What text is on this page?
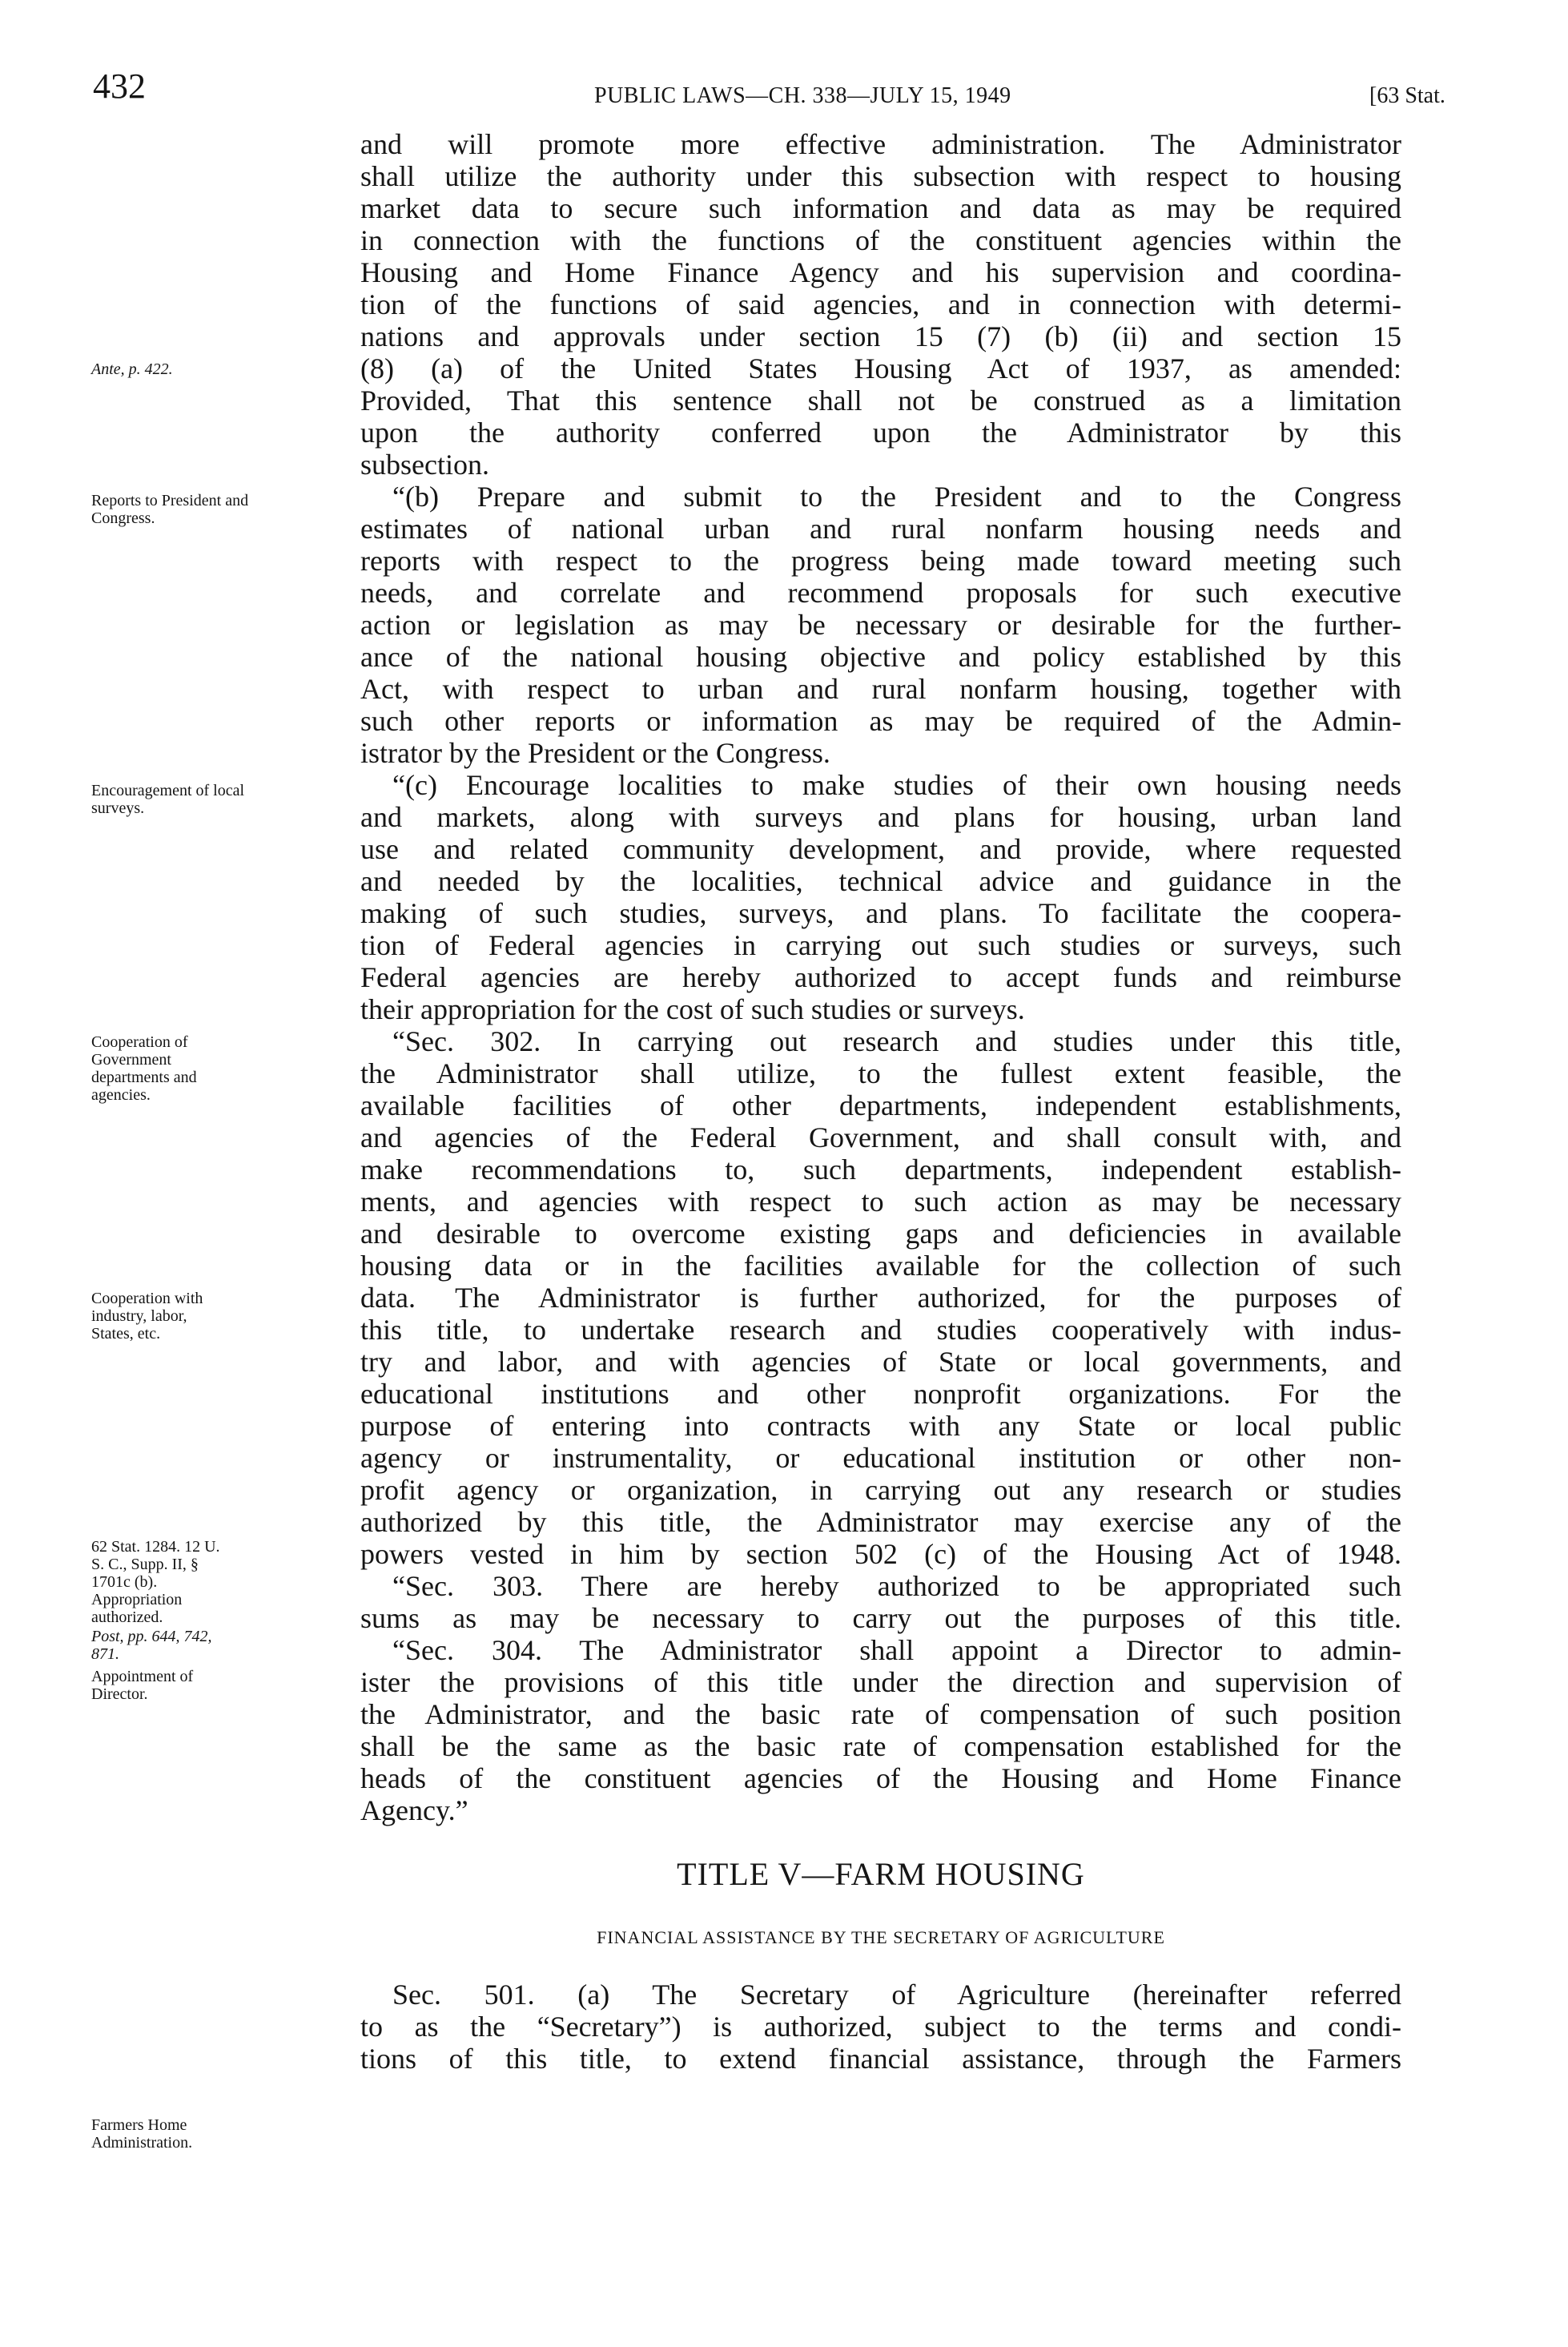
432	PUBLIC LAWS—CH. 338—JULY 15, 1949	[63 Stat.
Ante, p. 422.
Reports to President and Congress.
Encouragement of local surveys.
Cooperation of Government departments and agencies.
Cooperation with industry, labor, States, etc.
62 Stat. 1284. 12 U. S. C., Supp. II, § 1701c (b).
Appropriation authorized.
Post, pp. 644, 742, 871.
Appointment of Director.
Farmers Home Administration.
and will promote more effective administration. The Administrator
shall utilize the authority under this subsection with respect to housing
market data to secure such information and data as may be required
in connection with the functions of the constituent agencies within the
Housing and Home Finance Agency and his supervision and coordina-
tion of the functions of said agencies, and in connection with determi-
nations and approvals under section 15 (7) (b) (ii) and section 15
(8) (a) of the United States Housing Act of 1937, as amended:
Provided, That this sentence shall not be construed as a limitation
upon the authority conferred upon the Administrator by this
subsection.
“(b) Prepare and submit to the President and to the Congress
estimates of national urban and rural nonfarm housing needs and
reports with respect to the progress being made toward meeting such
needs, and correlate and recommend proposals for such executive
action or legislation as may be necessary or desirable for the further-
ance of the national housing objective and policy established by this
Act, with respect to urban and rural nonfarm housing, together with
such other reports or information as may be required of the Admin-
istrator by the President or the Congress.
“(c) Encourage localities to make studies of their own housing needs
and markets, along with surveys and plans for housing, urban land
use and related community development, and provide, where requested
and needed by the localities, technical advice and guidance in the
making of such studies, surveys, and plans. To facilitate the coopera-
tion of Federal agencies in carrying out such studies or surveys, such
Federal agencies are hereby authorized to accept funds and reimburse
their appropriation for the cost of such studies or surveys.
“Sec. 302. In carrying out research and studies under this title,
the Administrator shall utilize, to the fullest extent feasible, the
available facilities of other departments, independent establishments,
and agencies of the Federal Government, and shall consult with, and
make recommendations to, such departments, independent establish-
ments, and agencies with respect to such action as may be necessary
and desirable to overcome existing gaps and deficiencies in available
housing data or in the facilities available for the collection of such
data. The Administrator is further authorized, for the purposes of
this title, to undertake research and studies cooperatively with indus-
try and labor, and with agencies of State or local governments, and
educational institutions and other nonprofit organizations. For the
purpose of entering into contracts with any State or local public
agency or instrumentality, or educational institution or other non-
profit agency or organization, in carrying out any research or studies
authorized by this title, the Administrator may exercise any of the
powers vested in him by section 502 (c) of the Housing Act of 1948.
“Sec. 303. There are hereby authorized to be appropriated such
sums as may be necessary to carry out the purposes of this title.
“Sec. 304. The Administrator shall appoint a Director to admin-
ister the provisions of this title under the direction and supervision of
the Administrator, and the basic rate of compensation of such position
shall be the same as the basic rate of compensation established for the
heads of the constituent agencies of the Housing and Home Finance
Agency.”
TITLE V—FARM HOUSING
FINANCIAL ASSISTANCE BY THE SECRETARY OF AGRICULTURE
Sec. 501. (a) The Secretary of Agriculture (hereinafter referred
to as the “Secretary”) is authorized, subject to the terms and condi-
tions of this title, to extend financial assistance, through the Farmers
